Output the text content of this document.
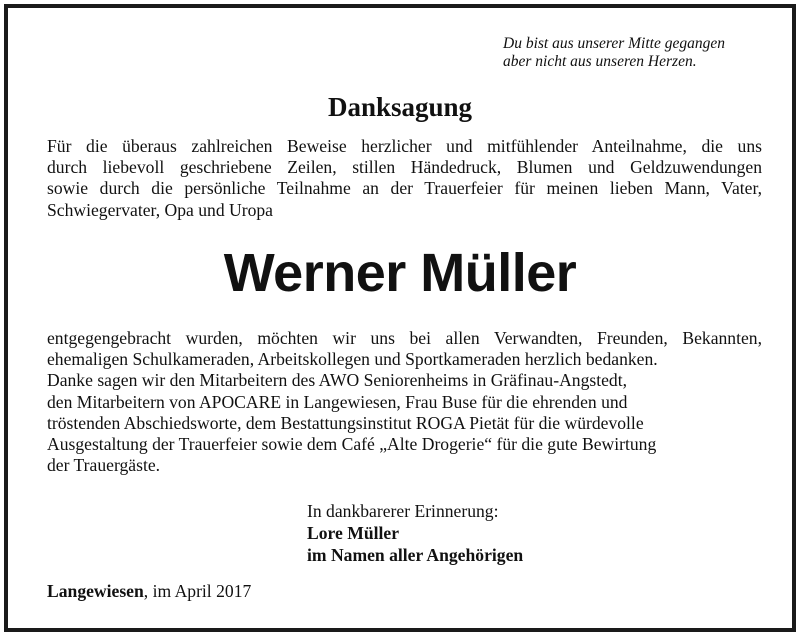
Du bist aus unserer Mitte gegangen
aber nicht aus unseren Herzen.
Danksagung
Für die überaus zahlreichen Beweise herzlicher und mitfühlender Anteilnahme, die uns
durch liebevoll geschriebene Zeilen, stillen Händedruck, Blumen und Geldzuwendungen
sowie durch die persönliche Teilnahme an der Trauerfeier für meinen lieben Mann, Vater,
Schwiegervater, Opa und Uropa
Werner Müller
entgegengebracht wurden, möchten wir uns bei allen Verwandten, Freunden, Bekannten,
ehemaligen Schulkameraden, Arbeitskollegen und Sportkameraden herzlich bedanken.
Danke sagen wir den Mitarbeitern des AWO Seniorenheims in Gräfinau-Angstedt,
den Mitarbeitern von APOCARE in Langewiesen, Frau Buse für die ehrenden und
tröstenden Abschiedsworte, dem Bestattungsinstitut ROGA Pietät für die würdevolle
Ausgestaltung der Trauerfeier sowie dem Café „Alte Drogerie“ für die gute Bewirtung
der Trauergäste.
In dankbarerer Erinnerung:
Lore Müller
im Namen aller Angehörigen
Langewiesen, im April 2017
